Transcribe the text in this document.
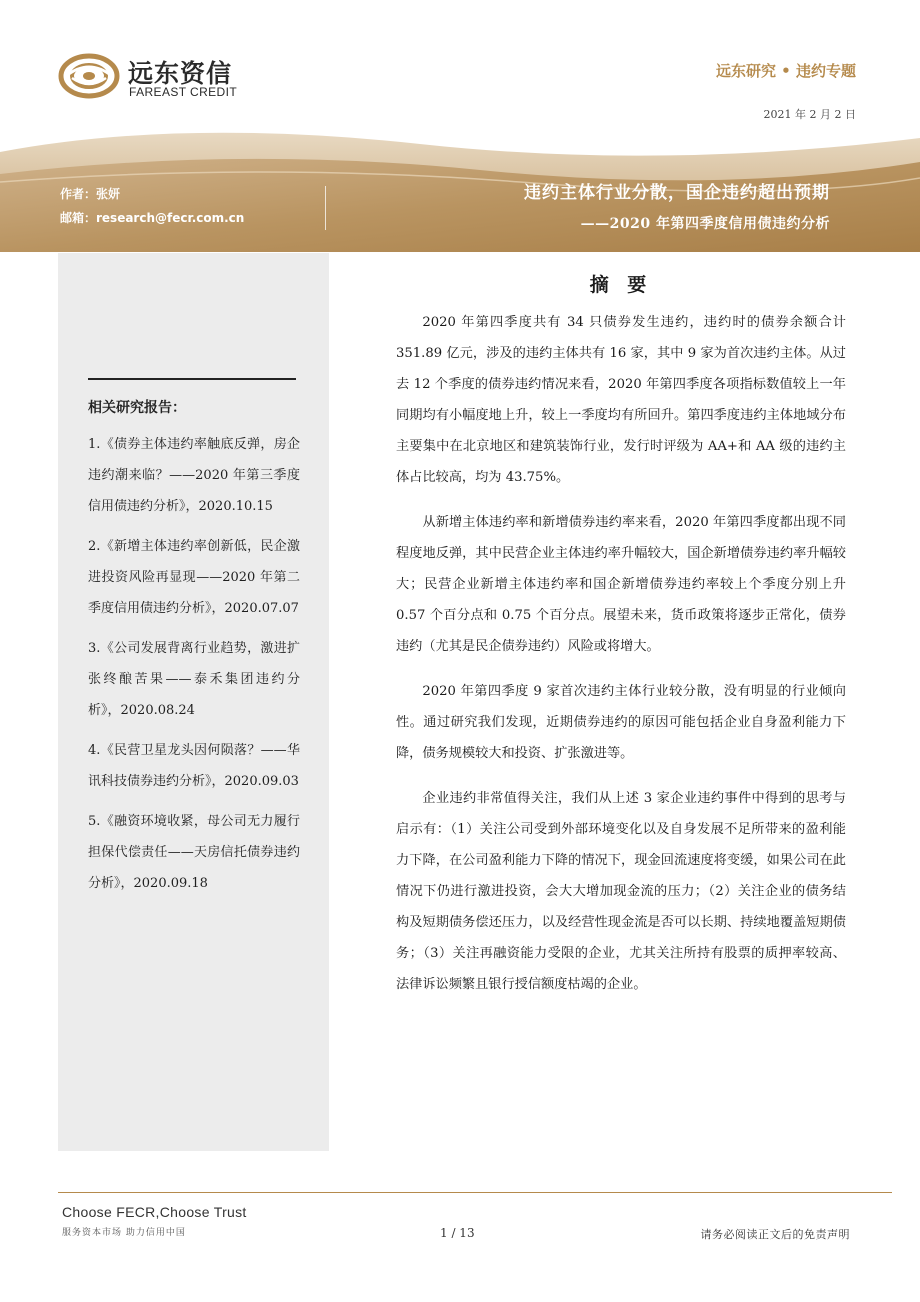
远东资信
FAREAST CREDIT
远东研究 • 违约专题
2021 年 2 月 2 日
作者：张妍
邮箱：research@fecr.com.cn
违约主体行业分散，国企违约超出预期
——2020 年第四季度信用债违约分析
相关研究报告：
1.《债券主体违约率触底反弹，房企违约潮来临？——2020 年第三季度信用债违约分析》，2020.10.15
2.《新增主体违约率创新低，民企激进投资风险再显现——2020 年第二季度信用债违约分析》，2020.07.07
3.《公司发展背离行业趋势，激进扩张终酿苦果——泰禾集团违约分析》，2020.08.24
4.《民营卫星龙头因何陨落？——华讯科技债券违约分析》，2020.09.03
5.《融资环境收紧，母公司无力履行担保代偿责任——天房信托债券违约分析》，2020.09.18
摘 要

2020 年第四季度共有 34 只债券发生违约，违约时的债券余额合计 351.89 亿元，涉及的违约主体共有 16 家，其中 9 家为首次违约主体。从过去 12 个季度的债券违约情况来看，2020 年第四季度各项指标数值较上一年同期均有小幅度地上升，较上一季度均有所回升。第四季度违约主体地域分布主要集中在北京地区和建筑装饰行业，发行时评级为 AA+和 AA 级的违约主体占比较高，均为 43.75%。

从新增主体违约率和新增债券违约率来看，2020 年第四季度都出现不同程度地反弹，其中民营企业主体违约率升幅较大，国企新增债券违约率升幅较大；民营企业新增主体违约率和国企新增债券违约率较上个季度分别上升 0.57 个百分点和 0.75 个百分点。展望未来，货币政策将逐步正常化，债券违约（尤其是民企债券违约）风险或将增大。

2020 年第四季度 9 家首次违约主体行业较分散，没有明显的行业倾向性。通过研究我们发现，近期债券违约的原因可能包括企业自身盈利能力下降，债务规模较大和投资、扩张激进等。

企业违约非常值得关注，我们从上述 3 家企业违约事件中得到的思考与启示有：（1）关注公司受到外部环境变化以及自身发展不足所带来的盈利能力下降，在公司盈利能力下降的情况下，现金回流速度将变缓，如果公司在此情况下仍进行激进投资，会大大增加现金流的压力；（2）关注企业的债务结构及短期债务偿还压力，以及经营性现金流是否可以长期、持续地覆盖短期债务；（3）关注再融资能力受限的企业，尤其关注所持有股票的质押率较高、法律诉讼频繁且银行授信额度枯竭的企业。

Choose FECR,Choose Trust
服务资本市场 助力信用中国	1 / 13	请务必阅读正文后的免责声明
